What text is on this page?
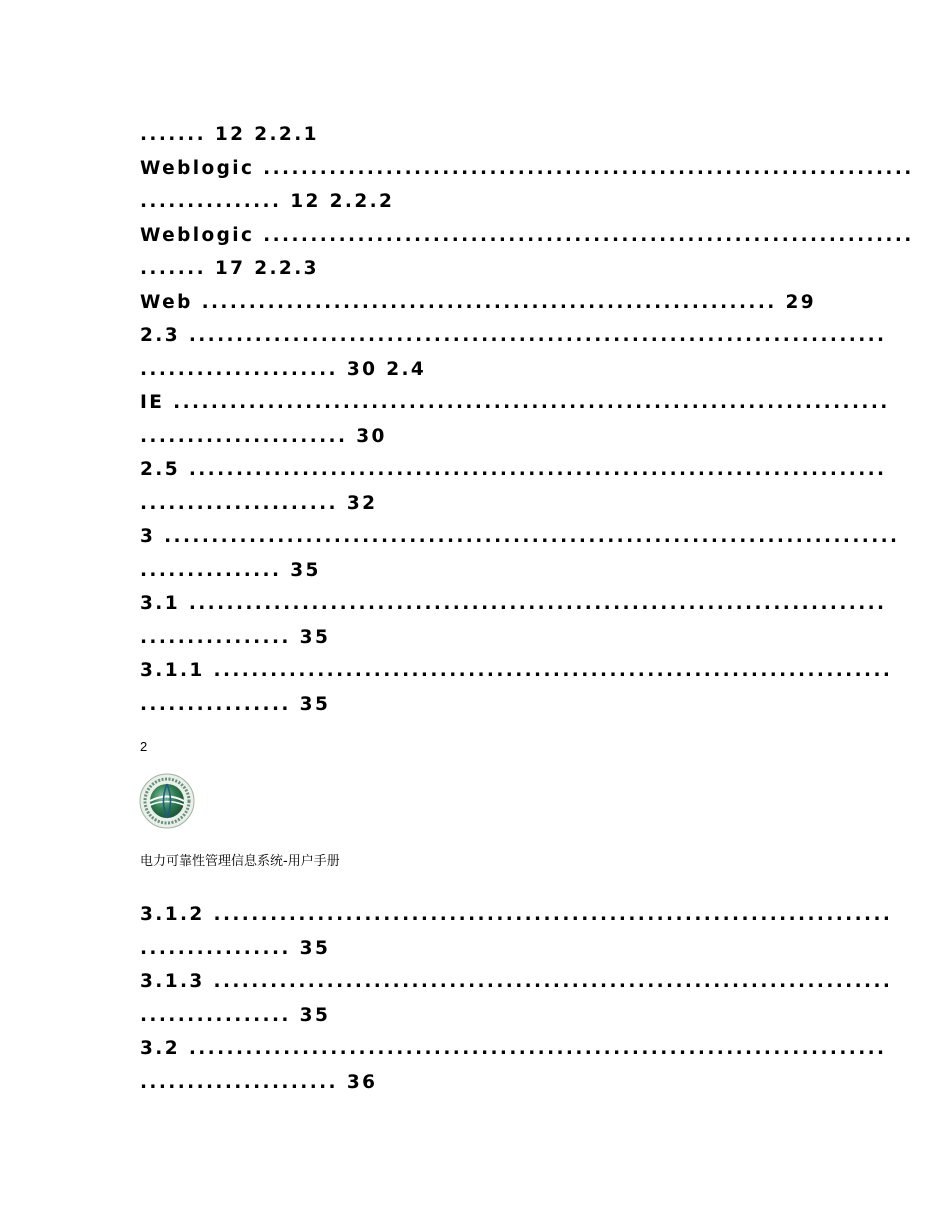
....... 12 2.2.1
Weblogic .....................................................................
............... 12 2.2.2
Weblogic .....................................................................
....... 17 2.2.3
Web ............................................................. 29
2.3 ..........................................................................
..................... 30 2.4
IE ............................................................................
...................... 30
2.5 ..........................................................................
..................... 32
3 ..............................................................................
............... 35
3.1 ..........................................................................
................ 35
3.1.1 ........................................................................
................ 35
2
电力可靠性管理信息系统-用户手册
3.1.2 ........................................................................
................ 35
3.1.3 ........................................................................
................ 35
3.2 ..........................................................................
..................... 36
